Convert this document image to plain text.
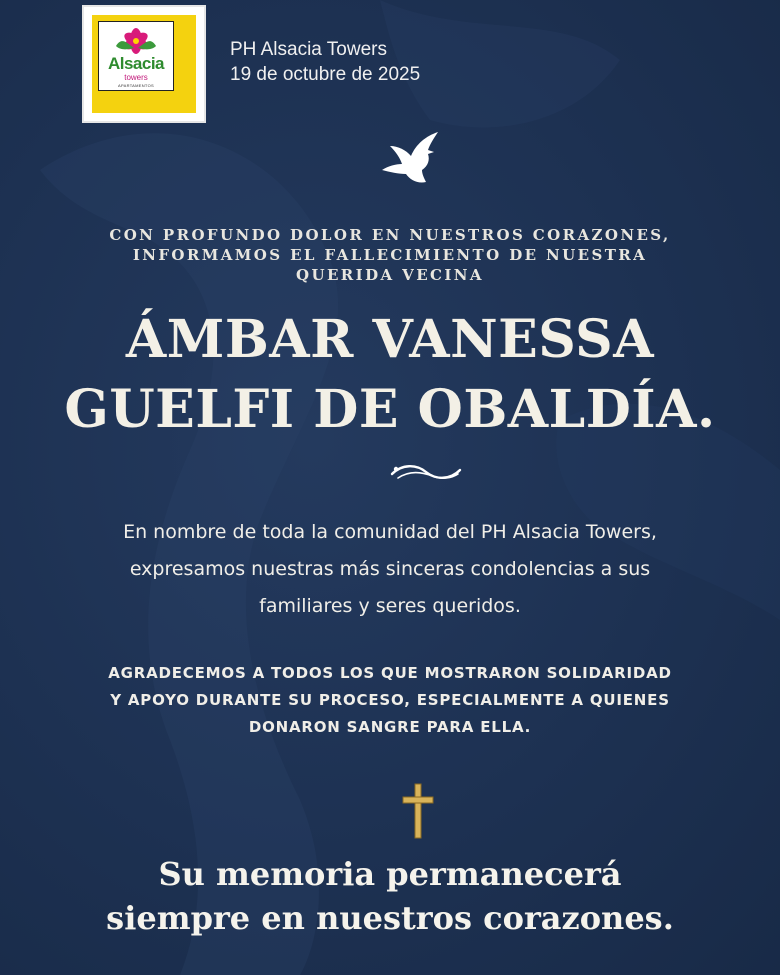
Alsacia
towers
APARTAMENTOS
PH Alsacia Towers
19 de octubre de 2025
CON PROFUNDO DOLOR EN NUESTROS CORAZONES,
INFORMAMOS EL FALLECIMIENTO DE NUESTRA
QUERIDA VECINA
ÁMBAR VANESSA
GUELFI DE OBALDÍA.
En nombre de toda la comunidad del PH Alsacia Towers,
expresamos nuestras más sinceras condolencias a sus
familiares y seres queridos.
AGRADECEMOS A TODOS LOS QUE MOSTRARON SOLIDARIDAD
Y APOYO DURANTE SU PROCESO, ESPECIALMENTE A QUIENES
DONARON SANGRE PARA ELLA.
Su memoria permanecerá
siempre en nuestros corazones.
